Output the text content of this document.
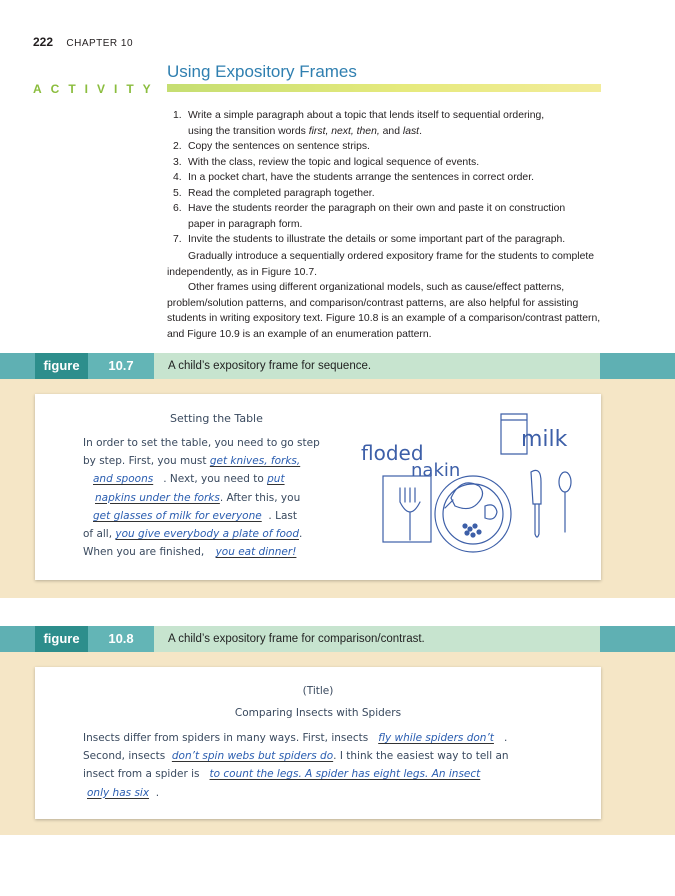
222 CHAPTER 10
ACTIVITY
Using Expository Frames
1. Write a simple paragraph about a topic that lends itself to sequential ordering,
using the transition words first, next, then, and last.
2. Copy the sentences on sentence strips.
3. With the class, review the topic and logical sequence of events.
4. In a pocket chart, have the students arrange the sentences in correct order.
5. Read the completed paragraph together.
6. Have the students reorder the paragraph on their own and paste it on construction paper in paragraph form.
7. Invite the students to illustrate the details or some important part of the paragraph.

Gradually introduce a sequentially ordered expository frame for the students to complete independently, as in Figure 10.7.

Other frames using different organizational models, such as cause/effect patterns, problem/solution patterns, and comparison/contrast patterns, are also helpful for assisting students in writing expository text. Figure 10.8 is an example of a comparison/contrast pattern, and Figure 10.9 is an example of an enumeration pattern.

figure	10.7	A child’s expository frame for sequence.
Setting the Table
In order to set the table, you need to go step
by step. First, you must get knives, forks,
and spoons . Next, you need to put
napkins under the forks. After this, you
get glasses of milk for everyone . Last
of all, you give everybody a plate of food.
When you are finished, you eat dinner!
floded
nakin
milk
figure	10.8	A child’s expository frame for comparison/contrast.
(Title)
Comparing Insects with Spiders
Insects differ from spiders in many ways. First, insects fly while spiders don’t .
Second, insects don’t spin webs but spiders do. I think the easiest way to tell an
insect from a spider is to count the legs. A spider has eight legs. An insect
only has six .
